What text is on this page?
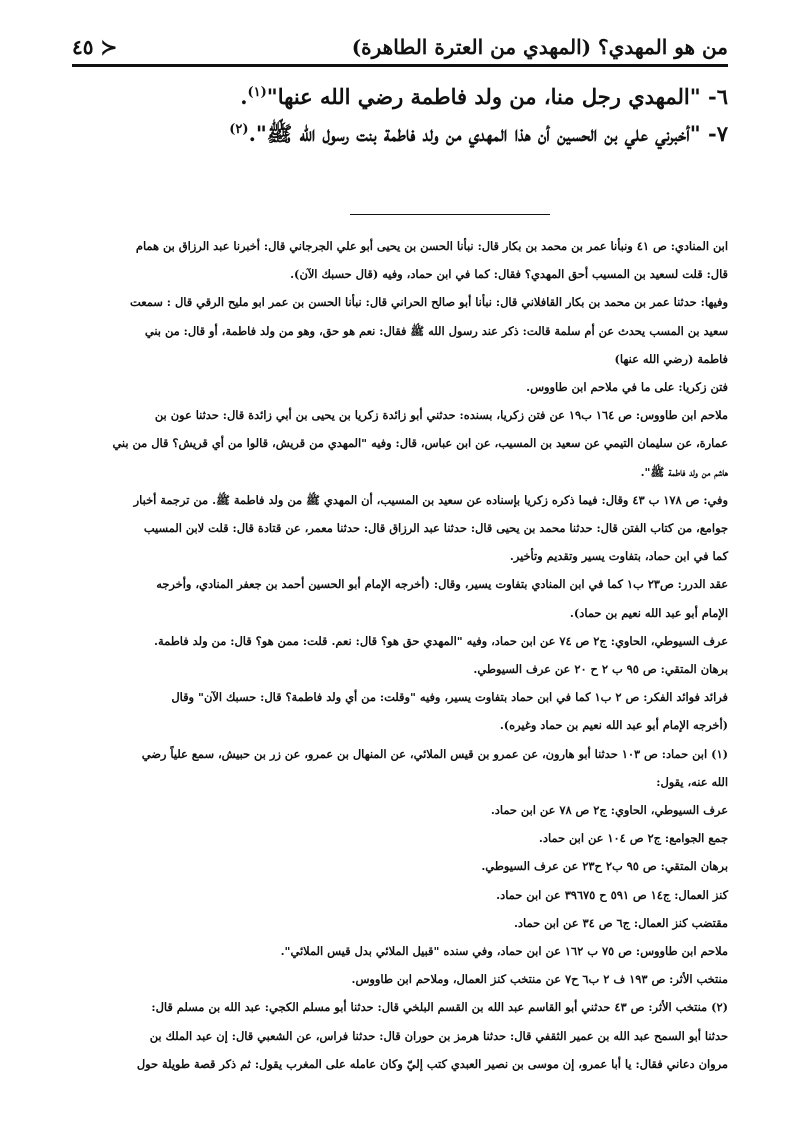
من هو المهدي؟ (المهدي من العترة الطاهرة)
٤٥ ≻

٦- "المهدي رجل منا، من ولد فاطمة رضي الله عنها"$^{(١)}$.

٧- "أخبرني علي بن الحسين أن هذا المهدي من ولد فاطمة بنت رسول الله ﷺ".$^{(٢)}$

ابن المنادي: ص ٤١ ونبأنا عمر بن محمد بن بكار قال: نبأنا الحسن بن يحيى أبو علي الجرجاني قال: أخبرنا عبد الرزاق بن همام

قال: قلت لسعيد بن المسيب أحق المهدي؟ فقال: كما في ابن حماد، وفيه (قال حسبك الآن).

وفيها: حدثنا عمر بن محمد بن بكار القافلاني قال: نبأنا أبو صالح الحراني قال: نبأنا الحسن بن عمر ابو مليح الرقي قال : سمعت

سعيد بن المسب يحدث عن أم سلمة قالت: ذكر عند رسول الله ﷺ فقال: نعم هو حق، وهو من ولد فاطمة، أو قال: من بني

فاطمة (رضي الله عنها)

فتن زكريا: على ما في ملاحم ابن طاووس.

ملاحم ابن طاووس: ص ١٦٤ ب١٩ عن فتن زكريا، بسنده: حدثني أبو زائدة زكريا بن يحيى بن أبي زائدة قال: حدثنا عون بن

عمارة، عن سليمان التيمي عن سعيد بن المسيب، عن ابن عباس، قال: وفيه "المهدي من قريش، قالوا من أي قريش؟ قال من بني

هاشم من ولد فاطمة ﷺ".

وفي: ص ١٧٨ ب ٤٣ وقال: فيما ذكره زكريا بإسناده عن سعيد بن المسيب، أن المهدي ﷺ من ولد فاطمة ﷺ. من ترجمة أخبار

جوامع، من كتاب الفتن قال: حدثنا محمد بن يحيى قال: حدثنا عبد الرزاق قال: حدثنا معمر، عن قتادة قال: قلت لابن المسيب

كما في ابن حماد، بتفاوت يسير وتقديم وتأخير.

عقد الدرر: ص٢٣ ب١ كما في ابن المنادي بتفاوت يسير، وقال: (أخرجه الإمام أبو الحسين أحمد بن جعفر المنادي، وأخرجه

الإمام أبو عبد الله نعيم بن حماد).

عرف السيوطي، الحاوي: ج٢ ص ٧٤ عن ابن حماد، وفيه "المهدي حق هو؟ قال: نعم. قلت: ممن هو؟ قال: من ولد فاطمة.

برهان المتقي: ص ٩٥ ب ٢ ح ٢٠ عن عرف السيوطي.

فرائد فوائد الفكر: ص ٢ ب١ كما في ابن حماد بتفاوت يسير، وفيه "وقلت: من أي ولد فاطمة؟ قال: حسبك الآن" وقال

(أخرجه الإمام أبو عبد الله نعيم بن حماد وغيره).

(١) ابن حماد: ص ١٠٣ حدثنا أبو هارون، عن عمرو بن قيس الملائي، عن المنهال بن عمرو، عن زر بن حبيش، سمع علياً رضي

الله عنه، يقول:

عرف السيوطي، الحاوي: ج٢ ص ٧٨ عن ابن حماد.

جمع الجوامع: ج٢ ص ١٠٤ عن ابن حماد.

برهان المتقي: ص ٩٥ ب٢ ح٢٣ عن عرف السيوطي.

كنز العمال: ج١٤ ص ٥٩١ ح ٣٩٦٧٥ عن ابن حماد.

مقتضب كنز العمال: ج٦ ص ٣٤ عن ابن حماد.

ملاحم ابن طاووس: ص ٧٥ ب ١٦٢ عن ابن حماد، وفي سنده "قبيل الملائي بدل قيس الملائي".

منتخب الأثر: ص ١٩٣ ف ٢ ب٦ ح٧ عن منتخب كنز العمال، وملاحم ابن طاووس.

(٢) منتخب الأثر: ص ٤٣ حدثني أبو القاسم عبد الله بن القسم البلخي قال: حدثنا أبو مسلم الكجي: عبد الله بن مسلم قال:

حدثنا أبو السمح عبد الله بن عمير الثقفي قال: حدثنا هرمز بن حوران قال: حدثنا فراس، عن الشعبي قال: إن عبد الملك بن

مروان دعاني فقال: يا أبا عمرو، إن موسى بن نصير العبدي كتب إليّ وكان عامله على المغرب يقول: ثم ذكر قصة طويلة حول
